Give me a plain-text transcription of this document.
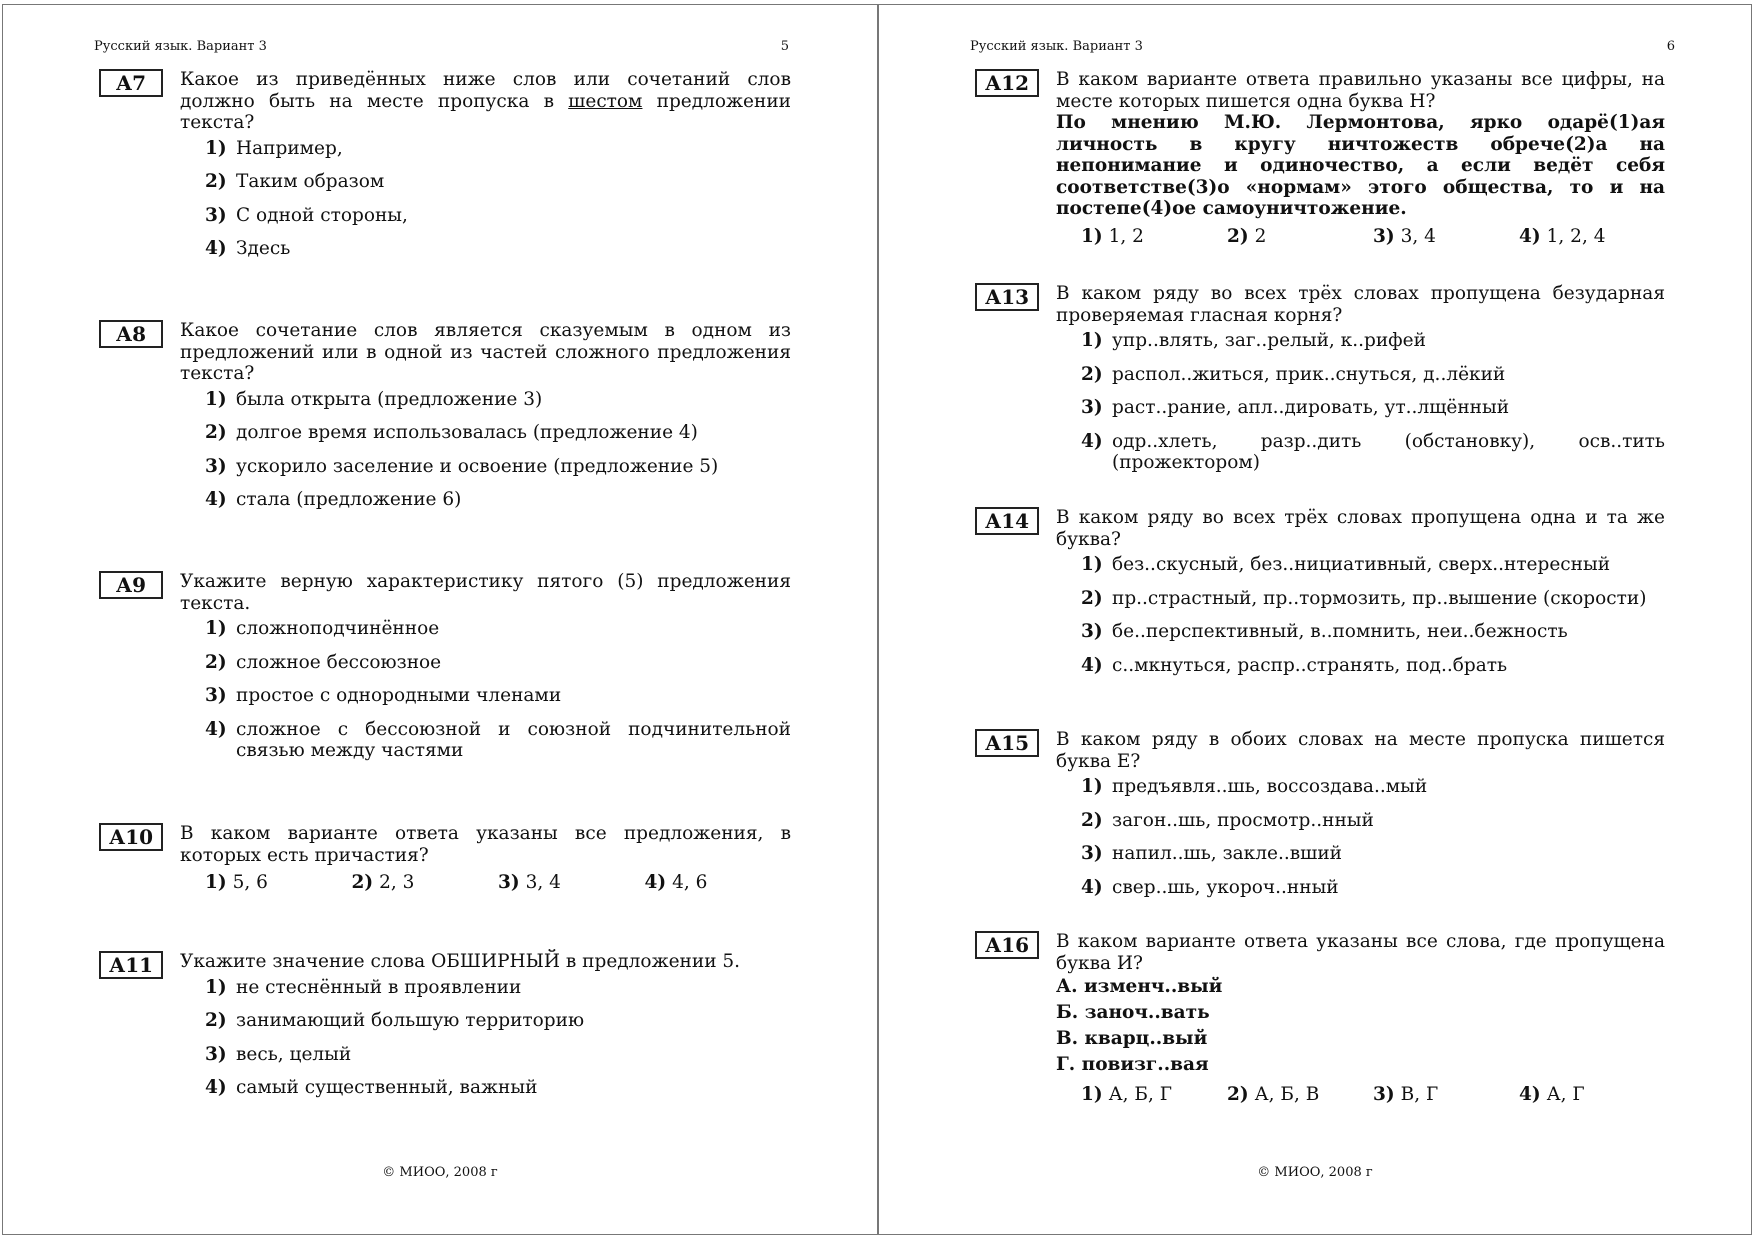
Русский язык. Вариант 3	5
А7	Какое из приведённых ниже слов или сочетаний слов должно быть на месте пропуска в шестом предложении текста?
1) Например,
2) Таким образом
3) С одной стороны,
4) Здесь
А8	Какое сочетание слов является сказуемым в одном из предложений или в одной из частей сложного предложения текста?
1) была открыта (предложение 3)
2) долгое время использовалась (предложение 4)
3) ускорило заселение и освоение (предложение 5)
4) стала (предложение 6)
А9	Укажите верную характеристику пятого (5) предложения текста.
1) сложноподчинённое
2) сложное бессоюзное
3) простое с однородными членами
4) сложное с бессоюзной и союзной подчинительной связью между частями
А10	В каком варианте ответа указаны все предложения, в которых есть причастия?
1) 5, 6	2) 2, 3	3) 3, 4	4) 4, 6
А11	Укажите значение слова ОБШИРНЫЙ в предложении 5.
1) не стеснённый в проявлении
2) занимающий большую территорию
3) весь, целый
4) самый существенный, важный
© МИОО, 2008 г
Русский язык. Вариант 3	6
А12	В каком варианте ответа правильно указаны все цифры, на месте которых пишется одна буква Н?
По мнению М.Ю. Лермонтова, ярко одарё(1)ая личность в кругу ничтожеств обрече(2)а на непонимание и одиночество, а если ведёт себя соответстве(3)о «нормам» этого общества, то и на постепе(4)ое самоуничтожение.
1) 1, 2	2) 2	3) 3, 4	4) 1, 2, 4
А13	В каком ряду во всех трёх словах пропущена безударная проверяемая гласная корня?
1) упр..влять, заг..релый, к..рифей
2) распол..житься, прик..снуться, д..лёкий
3) раст..рание, апл..дировать, ут..лщённый
4) одр..хлеть, разр..дить (обстановку), осв..тить (прожектором)
А14	В каком ряду во всех трёх словах пропущена одна и та же буква?
1) без..скусный, без..нициативный, сверх..нтересный
2) пр..страстный, пр..тормозить, пр..вышение (скорости)
3) бе..перспективный, в..помнить, неи..бежность
4) с..мкнуться, распр..странять, под..брать
А15	В каком ряду в обоих словах на месте пропуска пишется буква Е?
1) предъявля..шь, воссоздава..мый
2) загон..шь, просмотр..нный
3) напил..шь, закле..вший
4) свер..шь, укороч..нный
А16	В каком варианте ответа указаны все слова, где пропущена буква И?
А. изменч..вый
Б. заноч..вать
В. кварц..вый
Г. повизг..вая
1) А, Б, Г	2) А, Б, В	3) В, Г	4) А, Г
© МИОО, 2008 г
